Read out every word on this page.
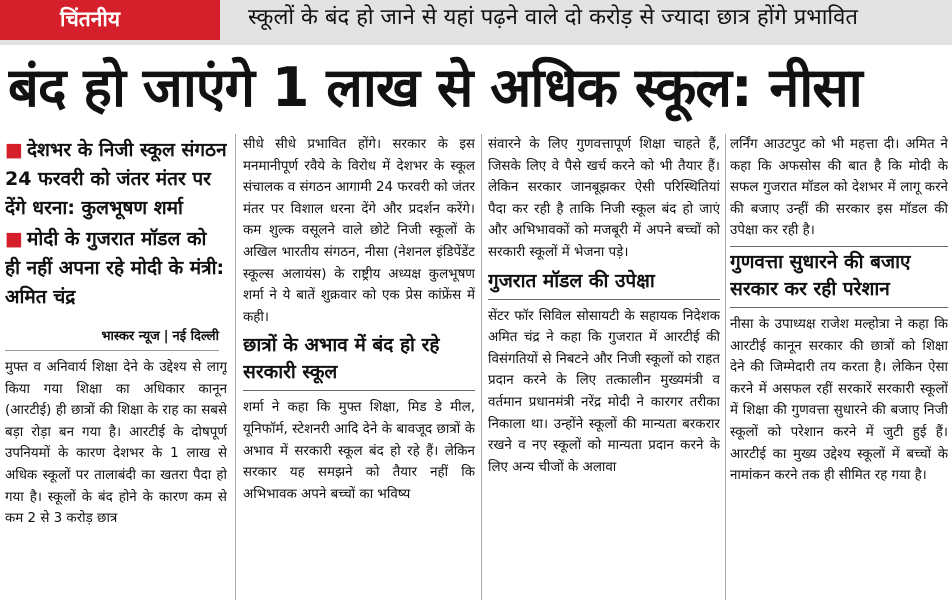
चिंतनीय	स्कूलों के बंद हो जाने से यहां पढ़ने वाले दो करोड़ से ज्यादा छात्र होंगे प्रभावित
बंद हो जाएंगे 1 लाख से अधिक स्कूल: नीसा
■ देशभर के निजी स्कूल संगठन 24 फरवरी को जंतर मंतर पर देंगे धरना: कुलभूषण शर्मा
■ मोदी के गुजरात मॉडल को ही नहीं अपना रहे मोदी के मंत्री: अमित चंद्र
भास्कर न्यूज | नई दिल्ली

मुफ्त व अनिवार्य शिक्षा देने के उद्देश्य से लागू किया गया शिक्षा का अधिकार कानून (आरटीई) ही छात्रों की शिक्षा के राह का सबसे बड़ा रोड़ा बन गया है। आरटीई के दोषपूर्ण उपनियमों के कारण देशभर के 1 लाख से अधिक स्कूलों पर तालाबंदी का खतरा पैदा हो गया है। स्कूलों के बंद होने के कारण कम से कम 2 से 3 करोड़ छात्र

सीधे सीधे प्रभावित होंगे। सरकार के इस मनमानीपूर्ण रवैये के विरोध में देशभर के स्कूल संचालक व संगठन आगामी 24 फरवरी को जंतर मंतर पर विशाल धरना देंगे और प्रदर्शन करेंगे। कम शुल्क वसूलने वाले छोटे निजी स्कूलों के अखिल भारतीय संगठन, नीसा (नेशनल इंडिपेंडेंट स्कूल्स अलायंस) के राष्ट्रीय अध्यक्ष कुलभूषण शर्मा ने ये बातें शुक्रवार को एक प्रेस कांफ्रेंस में कही।

छात्रों के अभाव में बंद हो रहे सरकारी स्कूल

शर्मा ने कहा कि मुफ्त शिक्षा, मिड डे मील, यूनिफॉर्म, स्टेशनरी आदि देने के बावजूद छात्रों के अभाव में सरकारी स्कूल बंद हो रहे हैं। लेकिन सरकार यह समझने को तैयार नहीं कि अभिभावक अपने बच्चों का भविष्य

संवारने के लिए गुणवत्तापूर्ण शिक्षा चाहते हैं, जिसके लिए वे पैसे खर्च करने को भी तैयार हैं। लेकिन सरकार जानबूझकर ऐसी परिस्थितियां पैदा कर रही है ताकि निजी स्कूल बंद हो जाएं और अभिभावकों को मजबूरी में अपने बच्चों को सरकारी स्कूलों में भेजना पड़े।

गुजरात मॉडल की उपेक्षा

सेंटर फॉर सिविल सोसायटी के सहायक निदेशक अमित चंद्र ने कहा कि गुजरात में आरटीई की विसंगतियों से निबटने और निजी स्कूलों को राहत प्रदान करने के लिए तत्कालीन मुख्यमंत्री व वर्तमान प्रधानमंत्री नरेंद्र मोदी ने कारगर तरीका निकाला था। उन्होंने स्कूलों की मान्यता बरकरार रखने व नए स्कूलों को मान्यता प्रदान करने के लिए अन्य चीजों के अलावा

लर्निंग आउटपुट को भी महत्ता दी। अमित ने कहा कि अफसोस की बात है कि मोदी के सफल गुजरात मॉडल को देशभर में लागू करने की बजाए उन्हीं की सरकार इस मॉडल की उपेक्षा कर रही है।

गुणवत्ता सुधारने की बजाए सरकार कर रही परेशान

नीसा के उपाध्यक्ष राजेश मल्होत्रा ने कहा कि आरटीई कानून सरकार की छात्रों को शिक्षा देने की जिम्मेदारी तय करता है। लेकिन ऐसा करने में असफल रहीं सरकारें सरकारी स्कूलों में शिक्षा की गुणवत्ता सुधारने की बजाए निजी स्कूलों को परेशान करने में जुटी हुई हैं। आरटीई का मुख्य उद्देश्य स्कूलों में बच्चों के नामांकन करने तक ही सीमित रह गया है।
